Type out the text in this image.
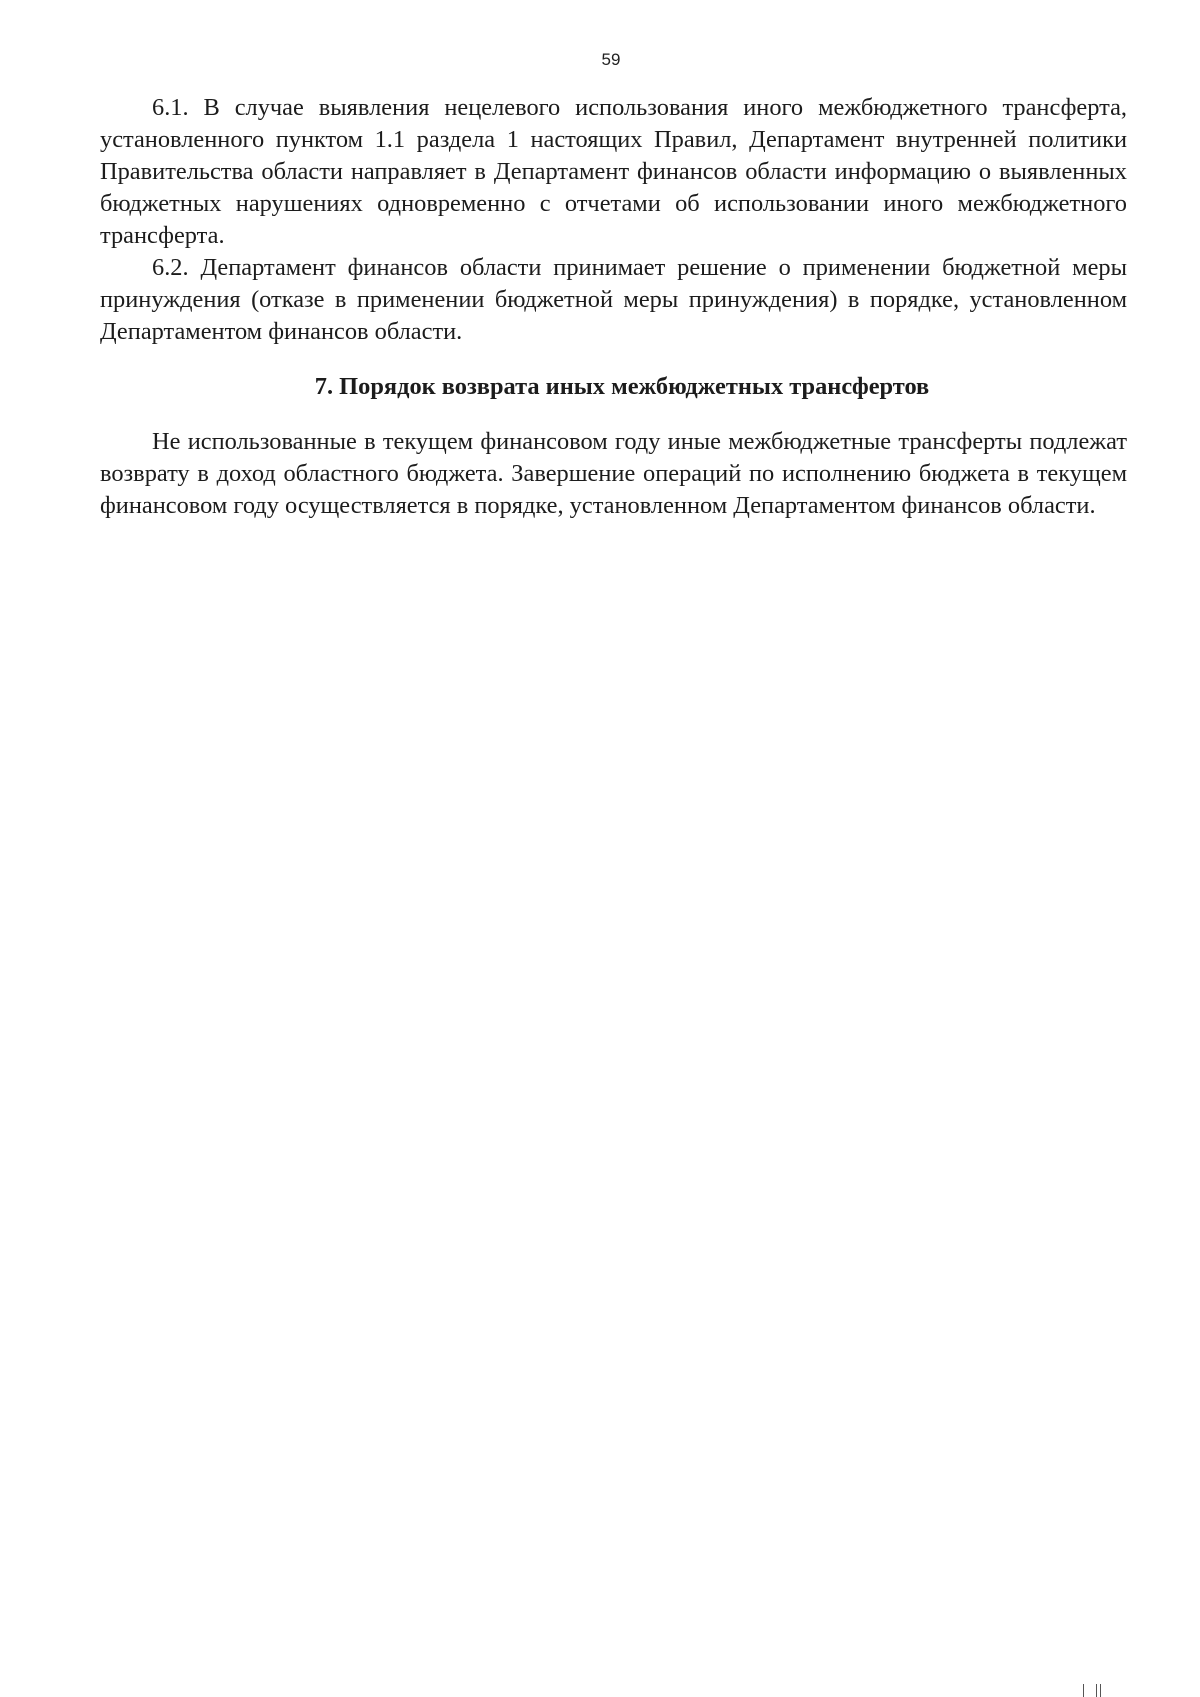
59

6.1. В случае выявления нецелевого использования иного межбюджетного трансферта, установленного пунктом 1.1 раздела 1 настоящих Правил, Департамент внутренней политики Правительства области направляет в Департамент финансов области информацию о выявленных бюджетных нарушениях одновременно с отчетами об использовании иного межбюджетного трансферта.

6.2. Департамент финансов области принимает решение о применении бюджетной меры принуждения (отказе в применении бюджетной меры принуждения) в порядке, установленном Департаментом финансов области.

7. Порядок возврата иных межбюджетных трансфертов

Не использованные в текущем финансовом году иные межбюджетные трансферты подлежат возврату в доход областного бюджета. Завершение операций по исполнению бюджета в текущем финансовом году осуществляется в порядке, установленном Департаментом финансов области.
